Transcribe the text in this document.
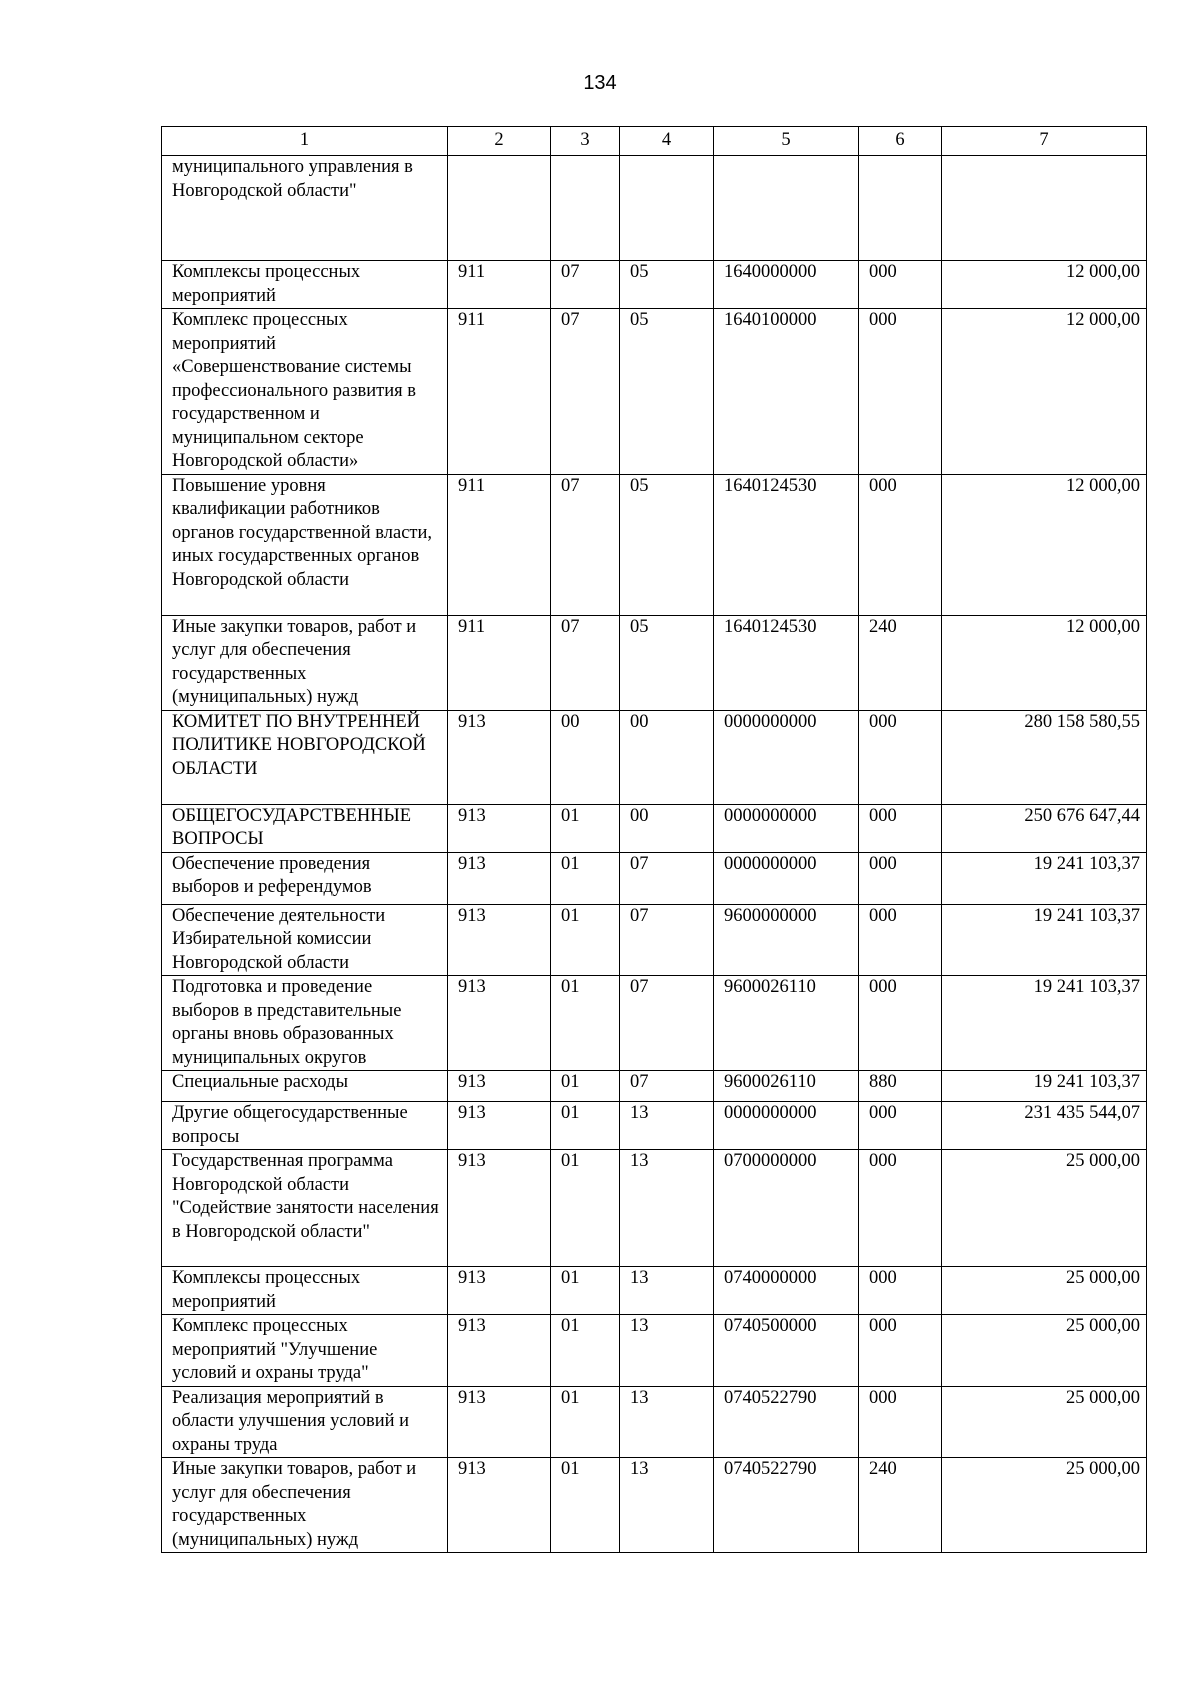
134
1	2	3	4	5	6	7
муниципального управления в Новгородской области"						
Комплексы процессных мероприятий	911	07	05	1640000000	000	12 000,00
Комплекс процессных мероприятий «Совершенствование системы профессионального развития в государственном и муниципальном секторе Новгородской области»	911	07	05	1640100000	000	12 000,00
Повышение уровня квалификации работников органов государственной власти, иных государственных органов Новгородской области	911	07	05	1640124530	000	12 000,00
Иные закупки товаров, работ и услуг для обеспечения государственных (муниципальных) нужд	911	07	05	1640124530	240	12 000,00
КОМИТЕТ ПО ВНУТРЕННЕЙ ПОЛИТИКЕ НОВГОРОДСКОЙ ОБЛАСТИ	913	00	00	0000000000	000	280 158 580,55
ОБЩЕГОСУДАРСТВЕННЫЕ ВОПРОСЫ	913	01	00	0000000000	000	250 676 647,44
Обеспечение проведения выборов и референдумов	913	01	07	0000000000	000	19 241 103,37
Обеспечение деятельности Избирательной комиссии Новгородской области	913	01	07	9600000000	000	19 241 103,37
Подготовка и проведение выборов в представительные органы вновь образованных муниципальных округов	913	01	07	9600026110	000	19 241 103,37
Специальные расходы	913	01	07	9600026110	880	19 241 103,37
Другие общегосударственные вопросы	913	01	13	0000000000	000	231 435 544,07
Государственная программа Новгородской области "Содействие занятости населения в Новгородской области"	913	01	13	0700000000	000	25 000,00
Комплексы процессных мероприятий	913	01	13	0740000000	000	25 000,00
Комплекс процессных мероприятий "Улучшение условий и охраны труда"	913	01	13	0740500000	000	25 000,00
Реализация мероприятий в области улучшения условий и охраны труда	913	01	13	0740522790	000	25 000,00
Иные закупки товаров, работ и услуг для обеспечения государственных (муниципальных) нужд	913	01	13	0740522790	240	25 000,00
